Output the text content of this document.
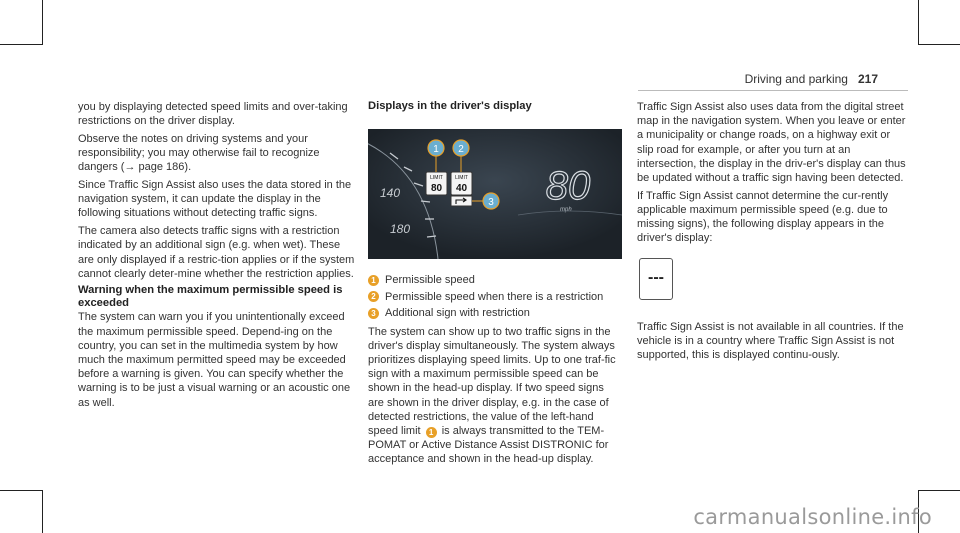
Driving and parking 217

you by displaying detected speed limits and over-taking restrictions on the driver display.

Observe the notes on driving systems and your responsibility; you may otherwise fail to recognize dangers (→ page 186).

Since Traffic Sign Assist also uses the data stored in the navigation system, it can update the display in the following situations without detecting traffic signs.

The camera also detects traffic signs with a restriction indicated by an additional sign (e.g. when wet). These are only displayed if a restric-tion applies or if the system cannot clearly deter-mine whether the restriction applies.

Warning when the maximum permissible speed is exceeded

The system can warn you if you unintentionally exceed the maximum permissible speed. Depend-ing on the country, you can set in the multimedia system by how much the maximum permitted speed may be exceeded before a warning is given. You can specify whether the warning is to be just a visual warning or an acoustic one as well.

Displays in the driver's display
140
180
LIMIT
80
LIMIT
40
1 2
3 80
mph
1 Permissible speed
2 Permissible speed when there is a restriction
3 Additional sign with restriction

The system can show up to two traffic signs in the driver's display simultaneously. The system always prioritizes displaying speed limits. Up to one traf-fic sign with a maximum permissible speed can be shown in the head-up display. If two speed signs are shown in the driver display, e.g. in the case of detected restrictions, the value of the left-hand speed limit 1 is always transmitted to the TEM-POMAT or Active Distance Assist DISTRONIC for acceptance and shown in the head-up display.

Traffic Sign Assist also uses data from the digital street map in the navigation system. When you leave or enter a municipality or change roads, on a highway exit or slip road for example, or after you turn at an intersection, the display in the driv-er's display can thus be updated without a traffic sign having been detected.

If Traffic Sign Assist cannot determine the cur-rently applicable maximum permissible speed (e.g. due to missing signs), the following display appears in the driver's display:

---

Traffic Sign Assist is not available in all countries. If the vehicle is in a country where Traffic Sign Assist is not supported, this is displayed continu-ously.

carmanualsonline.info
